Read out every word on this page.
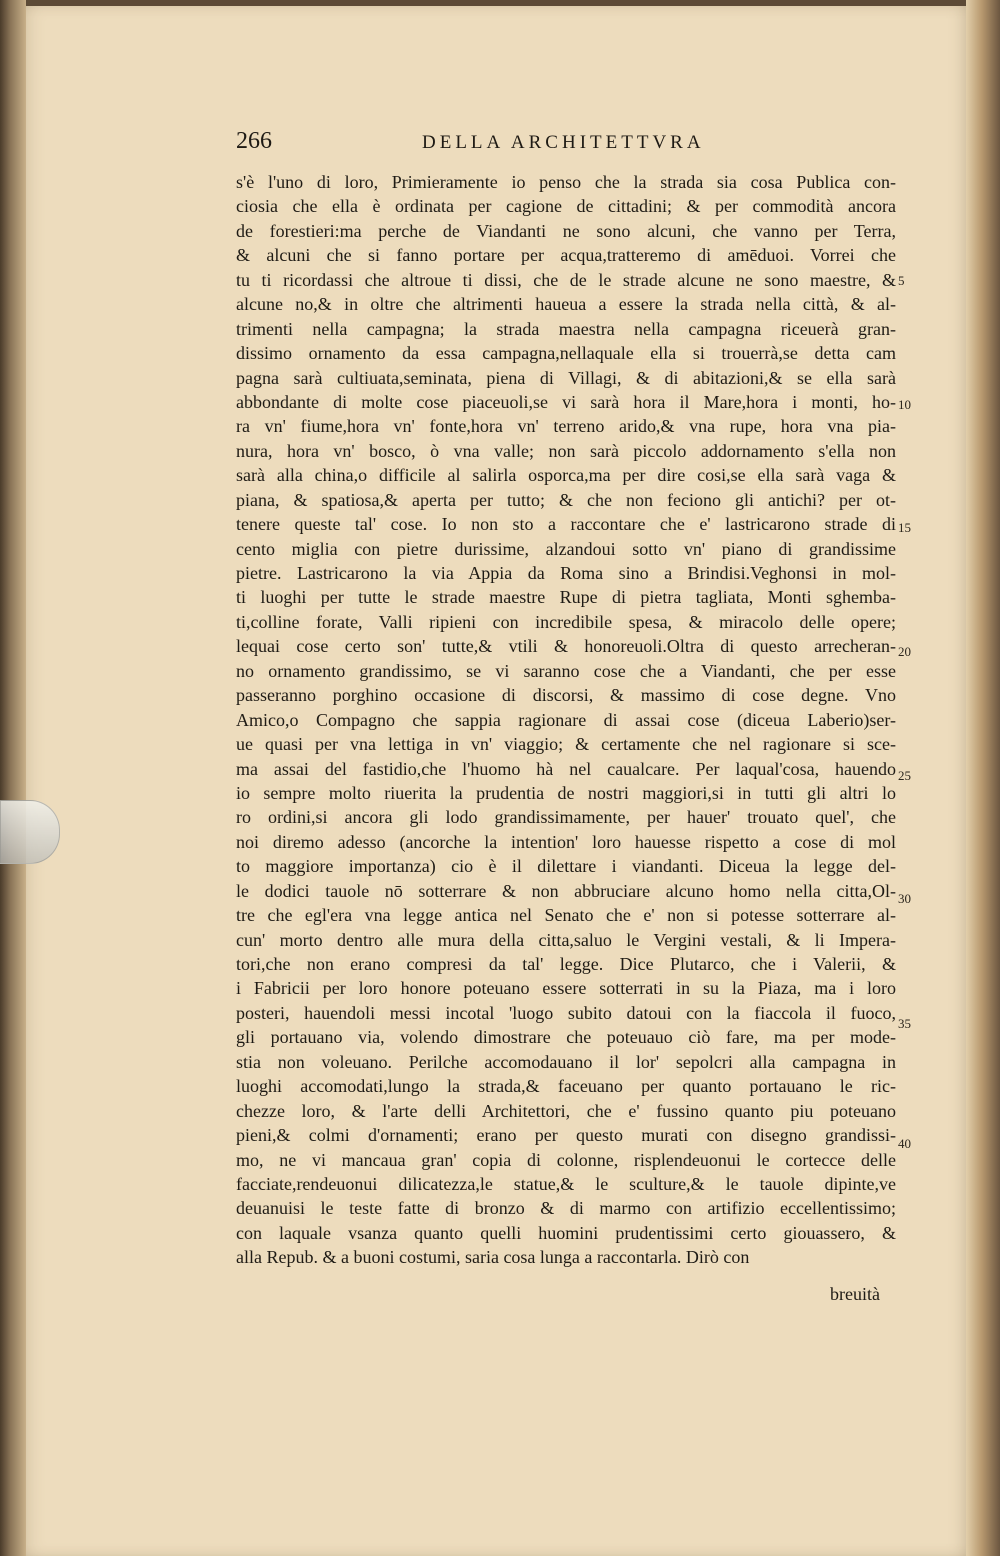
266	DELLA ARCHITETTVRA
s'è l'uno di loro, Primieramente io penso che la strada sia cosa Publica con-
ciosia che ella è ordinata per cagione de cittadini; & per commodità ancora
de forestieri:ma perche de Viandanti ne sono alcuni, che vanno per Terra,
& alcuni che si fanno portare per acqua,tratteremo di amēduoi. Vorrei che
tu ti ricordassi che altroue ti dissi, che de le strade alcune ne sono maestre, &
alcune no,& in oltre che altrimenti haueua a essere la strada nella città, & al-
trimenti nella campagna; la strada maestra nella campagna riceuerà gran-
dissimo ornamento da essa campagna,nellaquale ella si trouerrà,se detta cam
pagna sarà cultiuata,seminata, piena di Villagi, & di abitazioni,& se ella sarà
abbondante di molte cose piaceuoli,se vi sarà hora il Mare,hora i monti, ho-
ra vn' fiume,hora vn' fonte,hora vn' terreno arido,& vna rupe, hora vna pia-
nura, hora vn' bosco, ò vna valle; non sarà piccolo addornamento s'ella non
sarà alla china,o difficile al salirla osporca,ma per dire cosi,se ella sarà vaga &
piana, & spatiosa,& aperta per tutto; & che non feciono gli antichi? per ot-
tenere queste tal' cose. Io non sto a raccontare che e' lastricarono strade di
cento miglia con pietre durissime, alzandoui sotto vn' piano di grandissime
pietre. Lastricarono la via Appia da Roma sino a Brindisi.Veghonsi in mol-
ti luoghi per tutte le strade maestre Rupe di pietra tagliata, Monti sghemba-
ti,colline forate, Valli ripieni con incredibile spesa, & miracolo delle opere;
lequai cose certo son' tutte,& vtili & honoreuoli.Oltra di questo arrecheran-
no ornamento grandissimo, se vi saranno cose che a Viandanti, che per esse
passeranno porghino occasione di discorsi, & massimo di cose degne. Vno
Amico,o Compagno che sappia ragionare di assai cose (diceua Laberio)ser-
ue quasi per vna lettiga in vn' viaggio; & certamente che nel ragionare si sce-
ma assai del fastidio,che l'huomo hà nel caualcare. Per laqual'cosa, hauendo
io sempre molto riuerita la prudentia de nostri maggiori,si in tutti gli altri lo
ro ordini,si ancora gli lodo grandissimamente, per hauer' trouato quel', che
noi diremo adesso (ancorche la intention' loro hauesse rispetto a cose di mol
to maggiore importanza) cio è il dilettare i viandanti. Diceua la legge del-
le dodici tauole nō sotterrare & non abbruciare alcuno homo nella citta,Ol-
tre che egl'era vna legge antica nel Senato che e' non si potesse sotterrare al-
cun' morto dentro alle mura della citta,saluo le Vergini vestali, & li Impera-
tori,che non erano compresi da tal' legge. Dice Plutarco, che i Valerii, &
i Fabricii per loro honore poteuano essere sotterrati in su la Piaza, ma i loro
posteri, hauendoli messi incotal 'luogo subito datoui con la fiaccola il fuoco,
gli portauano via, volendo dimostrare che poteuauo ciò fare, ma per mode-
stia non voleuano. Perilche accomodauano il lor' sepolcri alla campagna in
luoghi accomodati,lungo la strada,& faceuano per quanto portauano le ric-
chezze loro, & l'arte delli Architettori, che e' fussino quanto piu poteuano
pieni,& colmi d'ornamenti; erano per questo murati con disegno grandissi-
mo, ne vi mancaua gran' copia di colonne, risplendeuonui le cortecce delle
facciate,rendeuonui dilicatezza,le statue,& le sculture,& le tauole dipinte,ve
deuanuisi le teste fatte di bronzo & di marmo con artifizio eccellentissimo;
con laquale vsanza quanto quelli huomini prudentissimi certo giouassero, &
alla Repub. & a buoni costumi, saria cosa lunga a raccontarla. Dirò con
breuità
5
10
15
20
25
30
35
40
